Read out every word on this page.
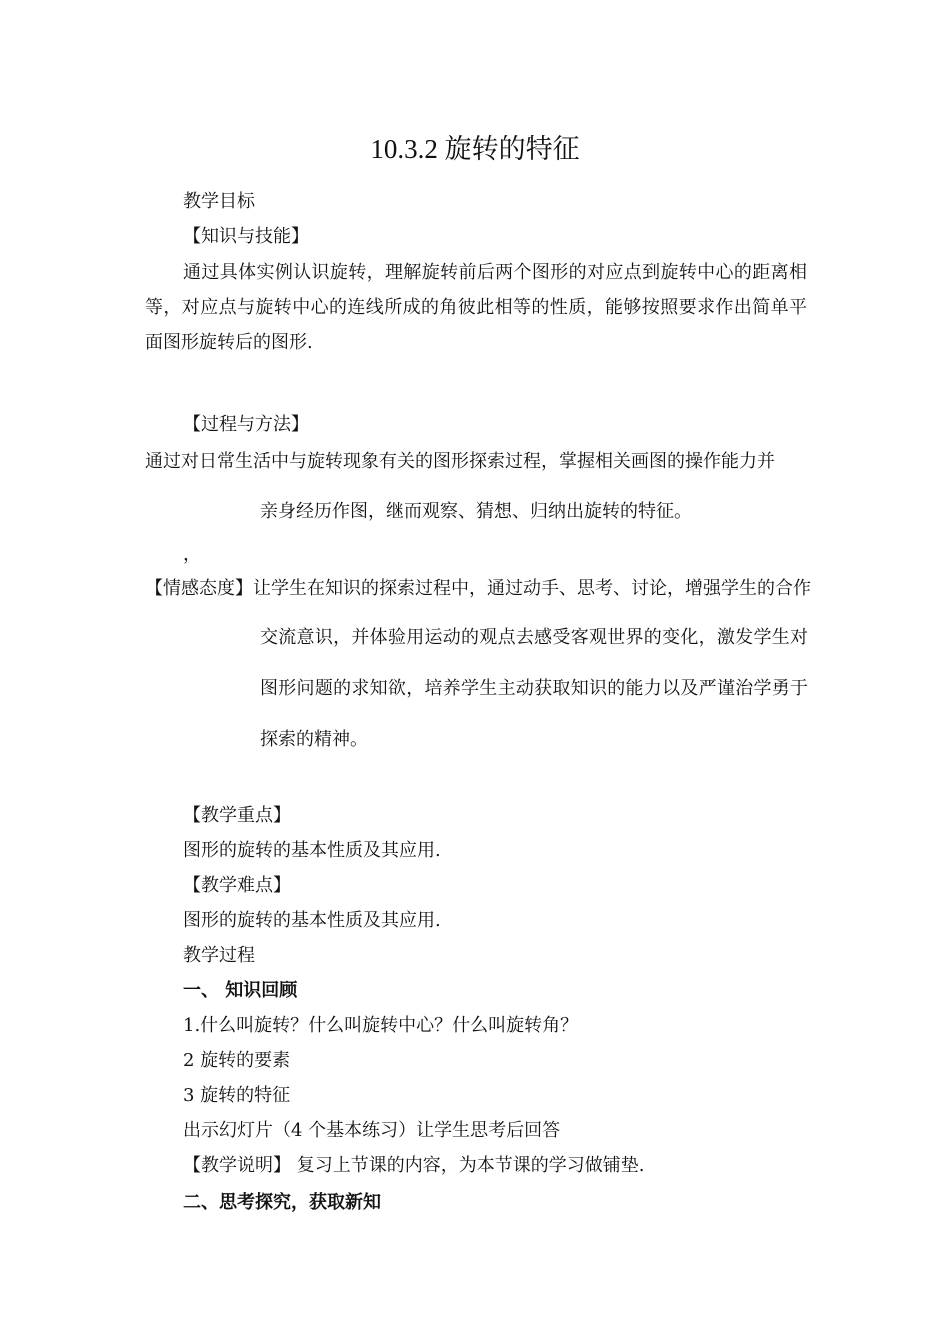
10.3.2 旋转的特征
教学目标
【知识与技能】
通过具体实例认识旋转，理解旋转前后两个图形的对应点到旋转中心的距离相等，对应点与旋转中心的连线所成的角彼此相等的性质，能够按照要求作出简单平面图形旋转后的图形.
【过程与方法】
通过对日常生活中与旋转现象有关的图形探索过程，掌握相关画图的操作能力并
亲身经历作图，继而观察、猜想、归纳出旋转的特征。
，
【情感态度】让学生在知识的探索过程中，通过动手、思考、讨论，增强学生的合作
交流意识，并体验用运动的观点去感受客观世界的变化，激发学生对图形问题的求知欲，培养学生主动获取知识的能力以及严谨治学勇于探索的精神。
【教学重点】
图形的旋转的基本性质及其应用.
【教学难点】
图形的旋转的基本性质及其应用.
教学过程
一、 知识回顾
1.什么叫旋转？什么叫旋转中心？什么叫旋转角？
2 旋转的要素
3 旋转的特征
出示幻灯片（4 个基本练习）让学生思考后回答
【教学说明】 复习上节课的内容，为本节课的学习做铺垫.
二、思考探究，获取新知
